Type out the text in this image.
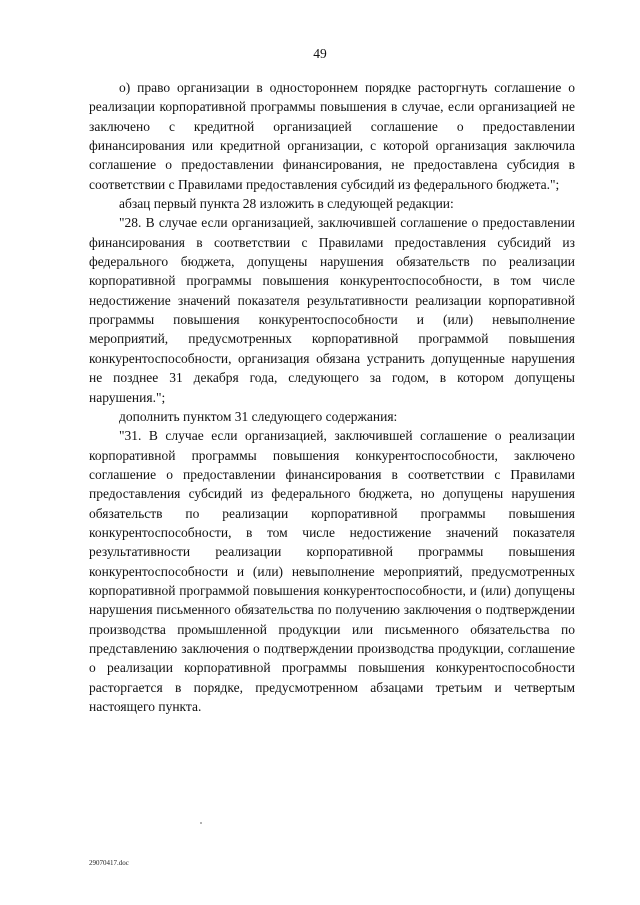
49

о) право организации в одностороннем порядке расторгнуть соглашение о реализации корпоративной программы повышения в случае, если организацией не заключено с кредитной организацией соглашение о предоставлении финансирования или кредитной организации, с которой организация заключила соглашение о предоставлении финансирования, не предоставлена субсидия в соответствии с Правилами предоставления субсидий из федерального бюджета.";

абзац первый пункта 28 изложить в следующей редакции:

"28. В случае если организацией, заключившей соглашение о предоставлении финансирования в соответствии с Правилами предоставления субсидий из федерального бюджета, допущены нарушения обязательств по реализации корпоративной программы повышения конкурентоспособности, в том числе недостижение значений показателя результативности реализации корпоративной программы повышения конкурентоспособности и (или) невыполнение мероприятий, предусмотренных корпоративной программой повышения конкурентоспособности, организация обязана устранить допущенные нарушения не позднее 31 декабря года, следующего за годом, в котором допущены нарушения.";

дополнить пунктом 31 следующего содержания:

"31. В случае если организацией, заключившей соглашение о реализации корпоративной программы повышения конкурентоспособности, заключено соглашение о предоставлении финансирования в соответствии с Правилами предоставления субсидий из федерального бюджета, но допущены нарушения обязательств по реализации корпоративной программы повышения конкурентоспособности, в том числе недостижение значений показателя результативности реализации корпоративной программы повышения конкурентоспособности и (или) невыполнение мероприятий, предусмотренных корпоративной программой повышения конкурентоспособности, и (или) допущены нарушения письменного обязательства по получению заключения о подтверждении производства промышленной продукции или письменного обязательства по представлению заключения о подтверждении производства продукции, соглашение о реализации корпоративной программы повышения конкурентоспособности расторгается в порядке, предусмотренном абзацами третьим и четвертым настоящего пункта.

29070417.doc
